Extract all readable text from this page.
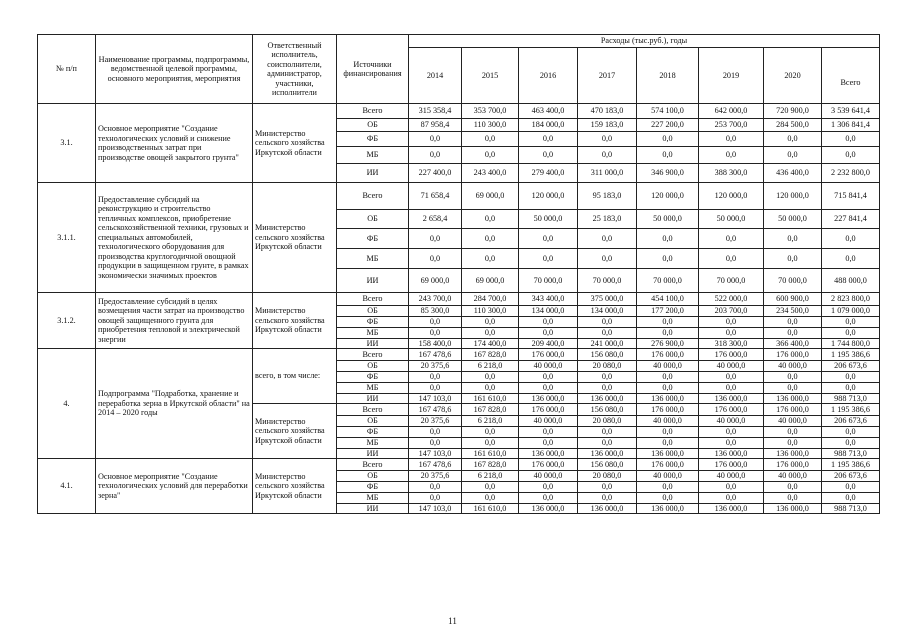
№ п/п	Наименование программы, подпрограммы, ведомственной целевой программы, основного мероприятия, мероприятия	Ответственный исполнитель, соисполнители, администратор, участники, исполнители	Источники финансирования	Расходы (тыс.руб.), годы							
				2014	2015	2016	2017	2018	2019	2020	Всего
3.1.	Основное мероприятие "Создание технологических условий и снижение производственных затрат при производстве овощей закрытого грунта"	Министерство сельского хозяйства Иркутской области	Всего	315 358,4	353 700,0	463 400,0	470 183,0	574 100,0	642 000,0	720 900,0	3 539 641,4
			ОБ	87 958,4	110 300,0	184 000,0	159 183,0	227 200,0	253 700,0	284 500,0	1 306 841,4
			ФБ	0,0	0,0	0,0	0,0	0,0	0,0	0,0	0,0
			МБ	0,0	0,0	0,0	0,0	0,0	0,0	0,0	0,0
			ИИ	227 400,0	243 400,0	279 400,0	311 000,0	346 900,0	388 300,0	436 400,0	2 232 800,0
3.1.1.	Предоставление субсидий на реконструкцию и строительство тепличных комплексов, приобретение сельскохозяйственной техники, грузовых и специальных автомобилей, технологического оборудования для производства круглогодичной овощной продукции в защищенном грунте, в рамках экономически значимых проектов	Министерство сельского хозяйства Иркутской области	Всего	71 658,4	69 000,0	120 000,0	95 183,0	120 000,0	120 000,0	120 000,0	715 841,4
			ОБ	2 658,4	0,0	50 000,0	25 183,0	50 000,0	50 000,0	50 000,0	227 841,4
			ФБ	0,0	0,0	0,0	0,0	0,0	0,0	0,0	0,0
			МБ	0,0	0,0	0,0	0,0	0,0	0,0	0,0	0,0
			ИИ	69 000,0	69 000,0	70 000,0	70 000,0	70 000,0	70 000,0	70 000,0	488 000,0
3.1.2.	Предоставление субсидий в целях возмещения части затрат на производство овощей защищенного грунта для приобретения тепловой и электрической энергии	Министерство сельского хозяйства Иркутской области	Всего	243 700,0	284 700,0	343 400,0	375 000,0	454 100,0	522 000,0	600 900,0	2 823 800,0
			ОБ	85 300,0	110 300,0	134 000,0	134 000,0	177 200,0	203 700,0	234 500,0	1 079 000,0
			ФБ	0,0	0,0	0,0	0,0	0,0	0,0	0,0	0,0
			МБ	0,0	0,0	0,0	0,0	0,0	0,0	0,0	0,0
			ИИ	158 400,0	174 400,0	209 400,0	241 000,0	276 900,0	318 300,0	366 400,0	1 744 800,0
4.	Подпрограмма "Подработка, хранение и переработка зерна в Иркутской области" на 2014 – 2020 годы	всего, в том числе:	Всего	167 478,6	167 828,0	176 000,0	156 080,0	176 000,0	176 000,0	176 000,0	1 195 386,6
			ОБ	20 375,6	6 218,0	40 000,0	20 080,0	40 000,0	40 000,0	40 000,0	206 673,6
			ФБ	0,0	0,0	0,0	0,0	0,0	0,0	0,0	0,0
			МБ	0,0	0,0	0,0	0,0	0,0	0,0	0,0	0,0
			ИИ	147 103,0	161 610,0	136 000,0	136 000,0	136 000,0	136 000,0	136 000,0	988 713,0
		Министерство сельского хозяйства Иркутской области	Всего	167 478,6	167 828,0	176 000,0	156 080,0	176 000,0	176 000,0	176 000,0	1 195 386,6
			ОБ	20 375,6	6 218,0	40 000,0	20 080,0	40 000,0	40 000,0	40 000,0	206 673,6
			ФБ	0,0	0,0	0,0	0,0	0,0	0,0	0,0	0,0
			МБ	0,0	0,0	0,0	0,0	0,0	0,0	0,0	0,0
			ИИ	147 103,0	161 610,0	136 000,0	136 000,0	136 000,0	136 000,0	136 000,0	988 713,0
4.1.	Основное мероприятие "Создание технологических условий для переработки зерна"	Министерство сельского хозяйства Иркутской области	Всего	167 478,6	167 828,0	176 000,0	156 080,0	176 000,0	176 000,0	176 000,0	1 195 386,6
			ОБ	20 375,6	6 218,0	40 000,0	20 080,0	40 000,0	40 000,0	40 000,0	206 673,6
			ФБ	0,0	0,0	0,0	0,0	0,0	0,0	0,0	0,0
			МБ	0,0	0,0	0,0	0,0	0,0	0,0	0,0	0,0
			ИИ	147 103,0	161 610,0	136 000,0	136 000,0	136 000,0	136 000,0	136 000,0	988 713,0
11
